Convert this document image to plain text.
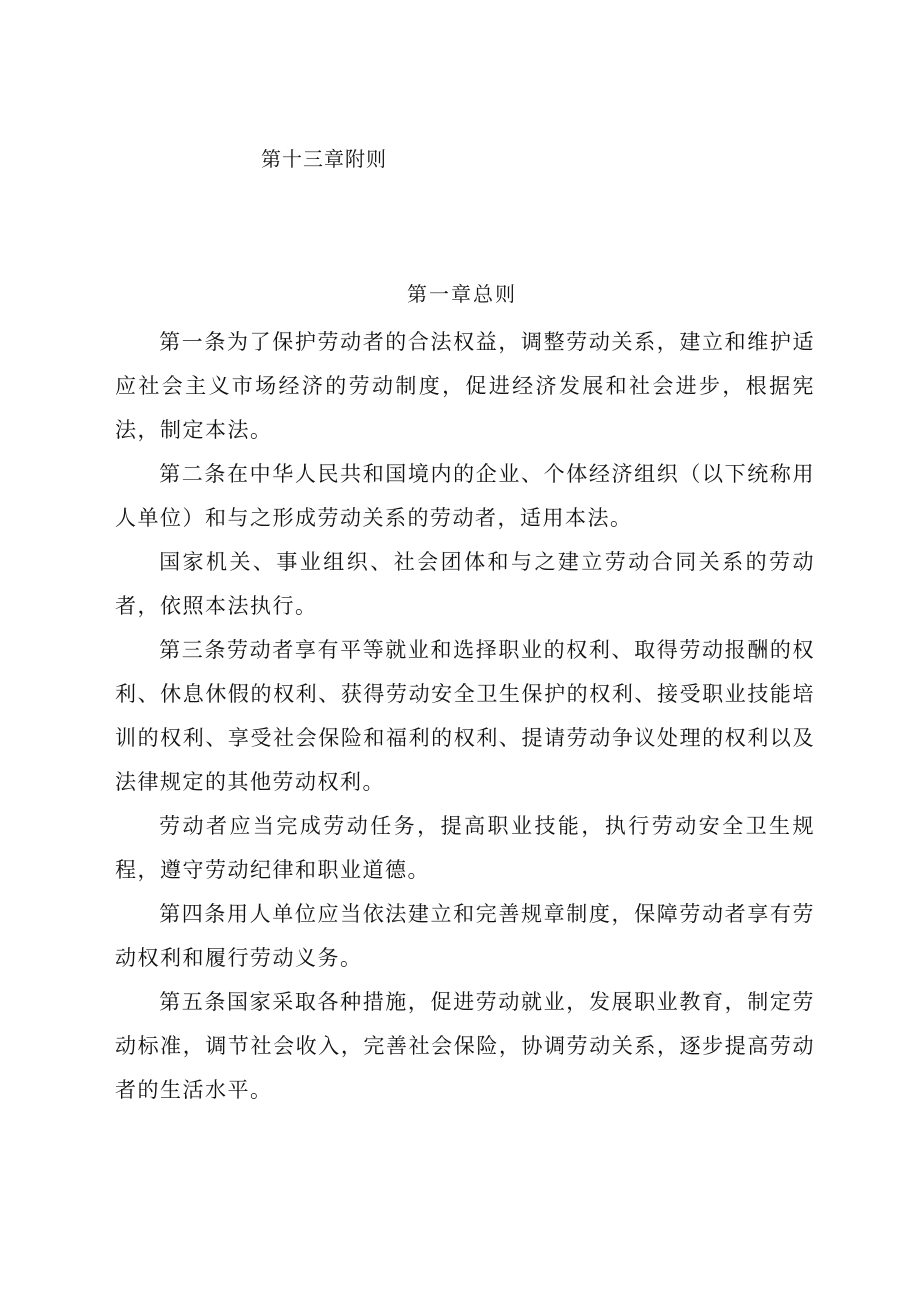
第十三章附则
第一章总则

第一条为了保护劳动者的合法权益，调整劳动关系，建立和维护适应社会主义市场经济的劳动制度，促进经济发展和社会进步，根据宪法，制定本法。

第二条在中华人民共和国境内的企业、个体经济组织（以下统称用人单位）和与之形成劳动关系的劳动者，适用本法。

国家机关、事业组织、社会团体和与之建立劳动合同关系的劳动者，依照本法执行。

第三条劳动者享有平等就业和选择职业的权利、取得劳动报酬的权利、休息休假的权利、获得劳动安全卫生保护的权利、接受职业技能培训的权利、享受社会保险和福利的权利、提请劳动争议处理的权利以及法律规定的其他劳动权利。

劳动者应当完成劳动任务，提高职业技能，执行劳动安全卫生规程，遵守劳动纪律和职业道德。

第四条用人单位应当依法建立和完善规章制度，保障劳动者享有劳动权利和履行劳动义务。

第五条国家采取各种措施，促进劳动就业，发展职业教育，制定劳动标准，调节社会收入，完善社会保险，协调劳动关系，逐步提高劳动者的生活水平。
